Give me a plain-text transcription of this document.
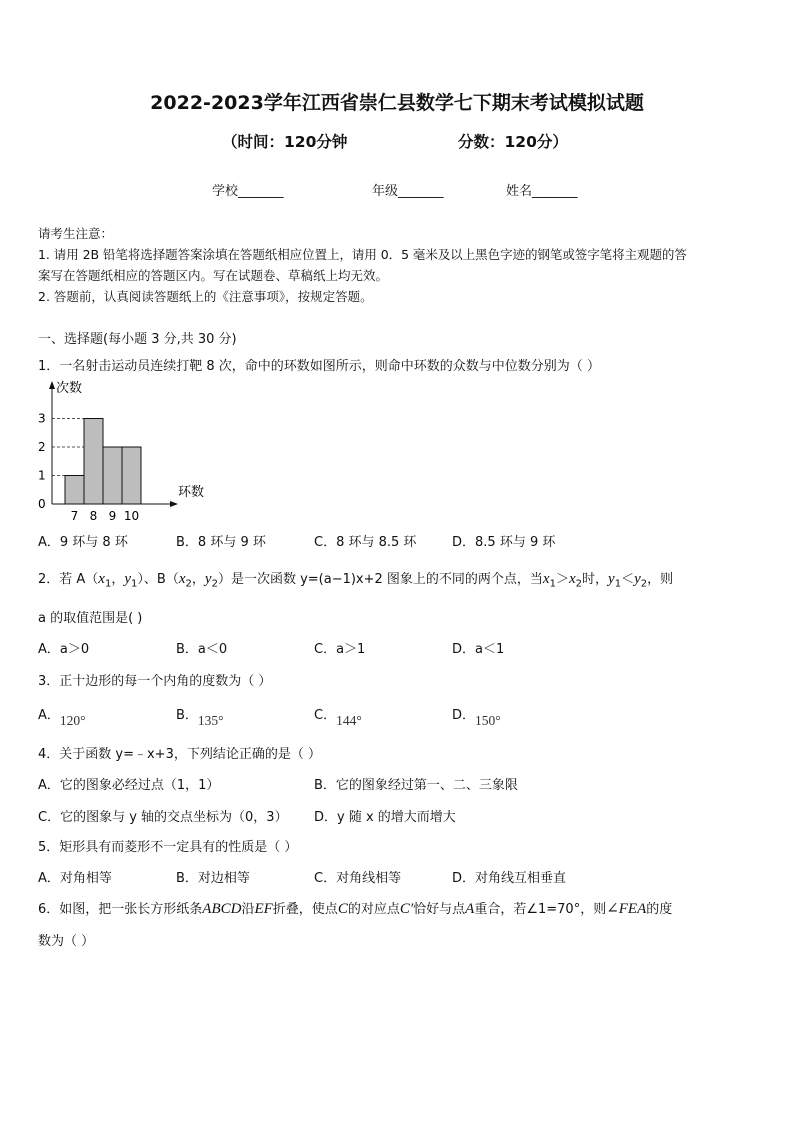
2022-2023学年江西省崇仁县数学七下期末考试模拟试题
（时间：120分钟	分数：120分）
学校_______	年级_______	姓名_______
请考生注意：
1. 请用 2B 铅笔将选择题答案涂填在答题纸相应位置上，请用 0．5 毫米及以上黑色字迹的钢笔或签字笔将主观题的答
案写在答题纸相应的答题区内。写在试题卷、草稿纸上均无效。
2. 答题前，认真阅读答题纸上的《注意事项》，按规定答题。
一、选择题(每小题 3 分,共 30 分)
1．一名射击运动员连续打靶 8 次，命中的环数如图所示，则命中环数的众数与中位数分别为（ ）
0
1
2
3
7 8 9 10
次数
环数
A．9 环与 8 环	B．8 环与 9 环	C．8 环与 8.5 环	D．8.5 环与 9 环
2．若 $A(x_1$，$y_1$）、$B(x_2$，$y_2$）是一次函数 y=(a−1)x+2 图象上的不同的两个点，当$x_1>x_2$时，$y_1<y_2$，则
a 的取值范围是( )
A．a＞0	B．a＜0	C．a＞1	D．a＜1
3．正十边形的每一个内角的度数为（ ）
A．120°	B．135°	C．144°	D．150°
4．关于函数 y=﹣x+3，下列结论正确的是（ ）
A．它的图象必经过点（1，1）	B．它的图象经过第一、二、三象限
C．它的图象与 y 轴的交点坐标为（0，3） D．y 随 x 的增大而增大
5．矩形具有而菱形不一定具有的性质是（ ）
A．对角相等	B．对边相等	C．对角线相等	D．对角线互相垂直
6．如图，把一张长方形纸条ABCD沿EF折叠，使点C的对应点C′恰好与点A重合，若∠1=70°，则∠FEA的度
数为（ ）
